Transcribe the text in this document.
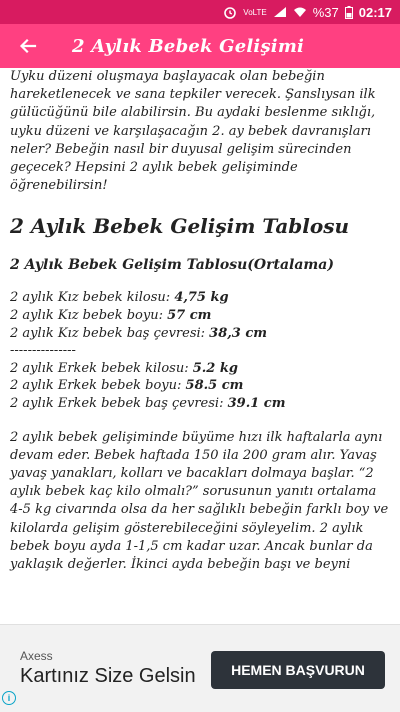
VoLTE	%37 02:17
2 Aylık Bebek Gelişimi

Uyku düzeni oluşmaya başlayacak olan bebeğin hareketlenecek ve sana tepkiler verecek. Şanslıysan ilk gülücüğünü bile alabilirsin. Bu aydaki beslenme sıklığı, uyku düzeni ve karşılaşacağın 2. ay bebek davranışları neler? Bebeğin nasıl bir duyusal gelişim sürecinden geçecek? Hepsini 2 aylık bebek gelişiminde öğrenebilirsin!

2 Aylık Bebek Gelişim Tablosu
2 Aylık Bebek Gelişim Tablosu(Ortalama)
2 aylık Kız bebek kilosu: 4,75 kg
2 aylık Kız bebek boyu: 57 cm
2 aylık Kız bebek baş çevresi: 38,3 cm
---------------
2 aylık Erkek bebek kilosu: 5.2 kg
2 aylık Erkek bebek boyu: 58.5 cm
2 aylık Erkek bebek baş çevresi: 39.1 cm

2 aylık bebek gelişiminde büyüme hızı ilk haftalarla aynı devam eder. Bebek haftada 150 ila 200 gram alır. Yavaş yavaş yanakları, kolları ve bacakları dolmaya başlar. “2 aylık bebek kaç kilo olmalı?” sorusunun yanıtı ortalama 4-5 kg civarında olsa da her sağlıklı bebeğin farklı boy ve kilolarda gelişim gösterebileceğini söyleyelim. 2 aylık bebek boyu ayda 1-1,5 cm kadar uzar. Ancak bunlar da yaklaşık değerler. İkinci ayda bebeğin başı ve beyni

Axess
Kartınız Size Gelsin	HEMEN BAŞVURUN
i
